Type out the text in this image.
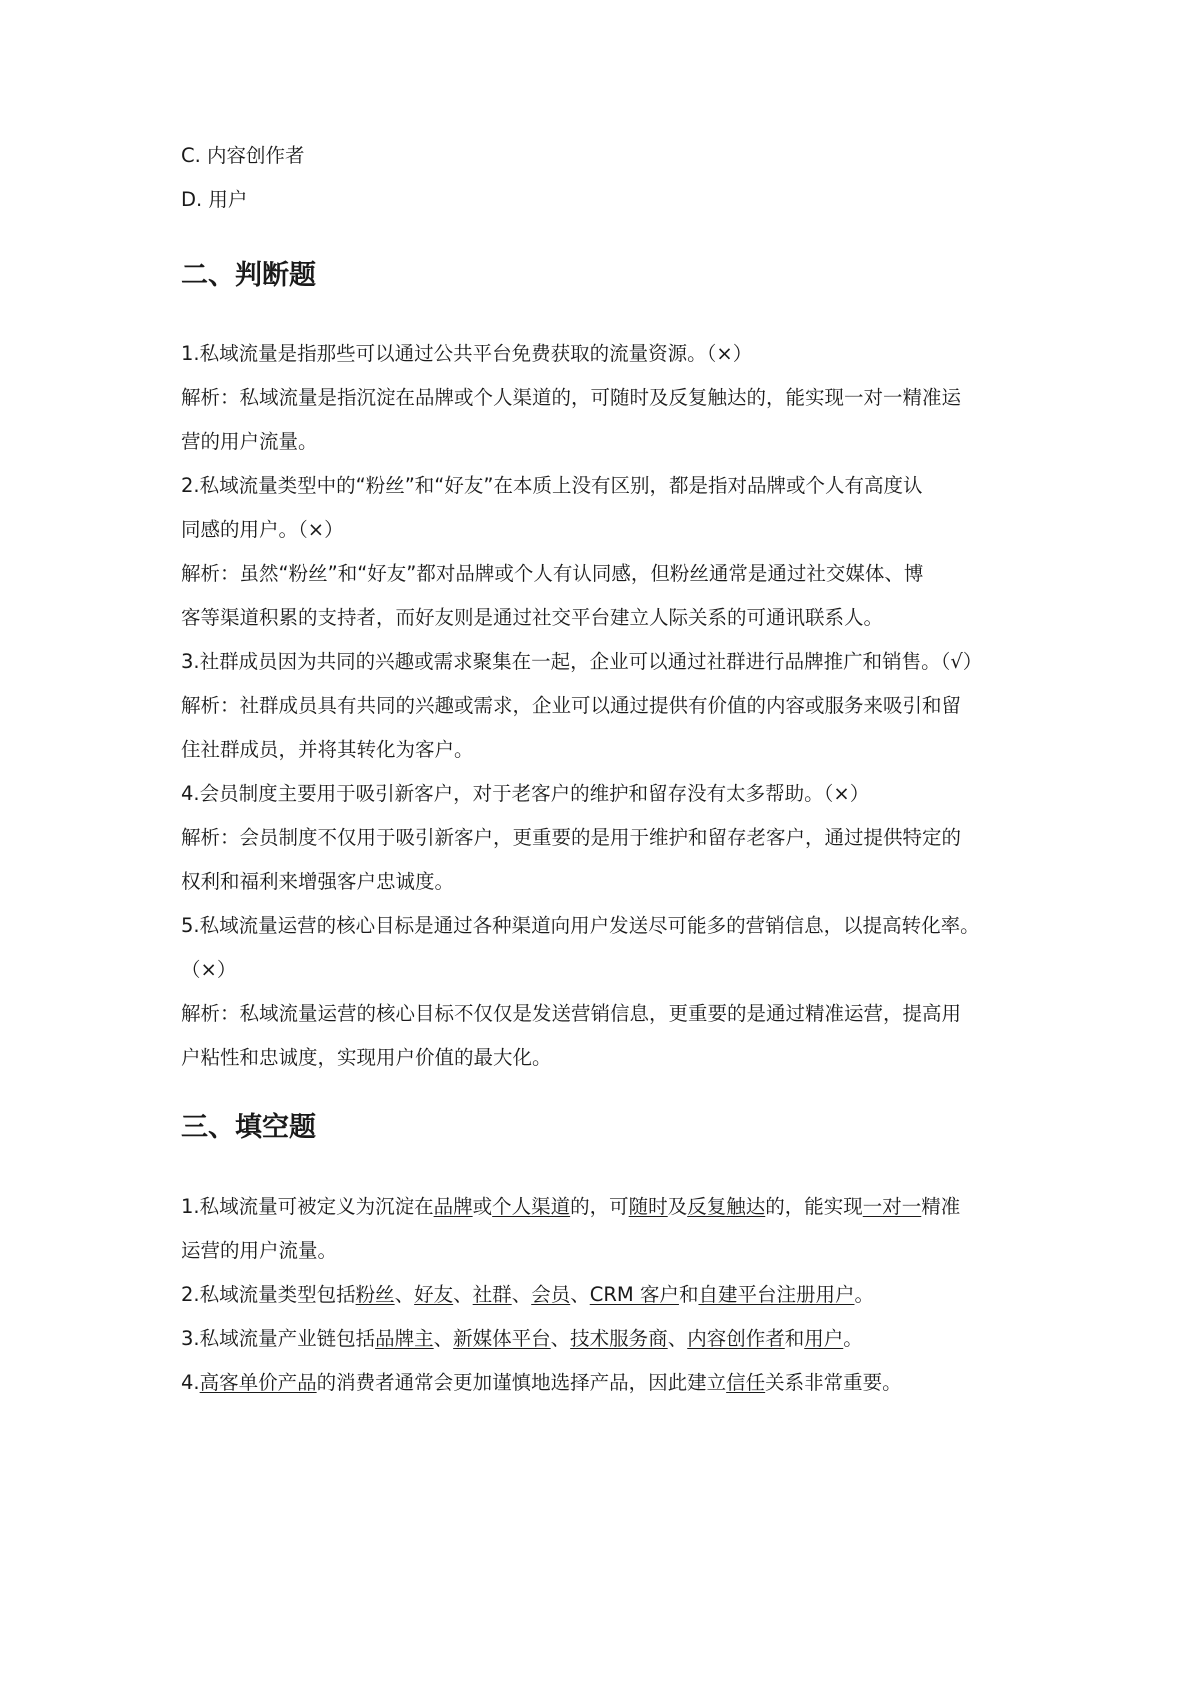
C. 内容创作者
D. 用户
二、判断题
1.私域流量是指那些可以通过公共平台免费获取的流量资源。（×）
解析：私域流量是指沉淀在品牌或个人渠道的，可随时及反复触达的，能实现一对一精准运
营的用户流量。
2.私域流量类型中的“粉丝”和“好友”在本质上没有区别，都是指对品牌或个人有高度认
同感的用户。（×）
解析：虽然“粉丝”和“好友”都对品牌或个人有认同感，但粉丝通常是通过社交媒体、博
客等渠道积累的支持者，而好友则是通过社交平台建立人际关系的可通讯联系人。
3.社群成员因为共同的兴趣或需求聚集在一起，企业可以通过社群进行品牌推广和销售。（√）
解析：社群成员具有共同的兴趣或需求，企业可以通过提供有价值的内容或服务来吸引和留
住社群成员，并将其转化为客户。
4.会员制度主要用于吸引新客户，对于老客户的维护和留存没有太多帮助。（×）
解析：会员制度不仅用于吸引新客户，更重要的是用于维护和留存老客户，通过提供特定的
权利和福利来增强客户忠诚度。
5.私域流量运营的核心目标是通过各种渠道向用户发送尽可能多的营销信息，以提高转化率。
（×）
解析：私域流量运营的核心目标不仅仅是发送营销信息，更重要的是通过精准运营，提高用
户粘性和忠诚度，实现用户价值的最大化。
三、填空题
1.私域流量可被定义为沉淀在品牌或个人渠道的，可随时及反复触达的，能实现一对一精准
运营的用户流量。
2.私域流量类型包括粉丝、好友、社群、会员、CRM 客户和自建平台注册用户。
3.私域流量产业链包括品牌主、新媒体平台、技术服务商、内容创作者和用户。
4.高客单价产品的消费者通常会更加谨慎地选择产品，因此建立信任关系非常重要。
